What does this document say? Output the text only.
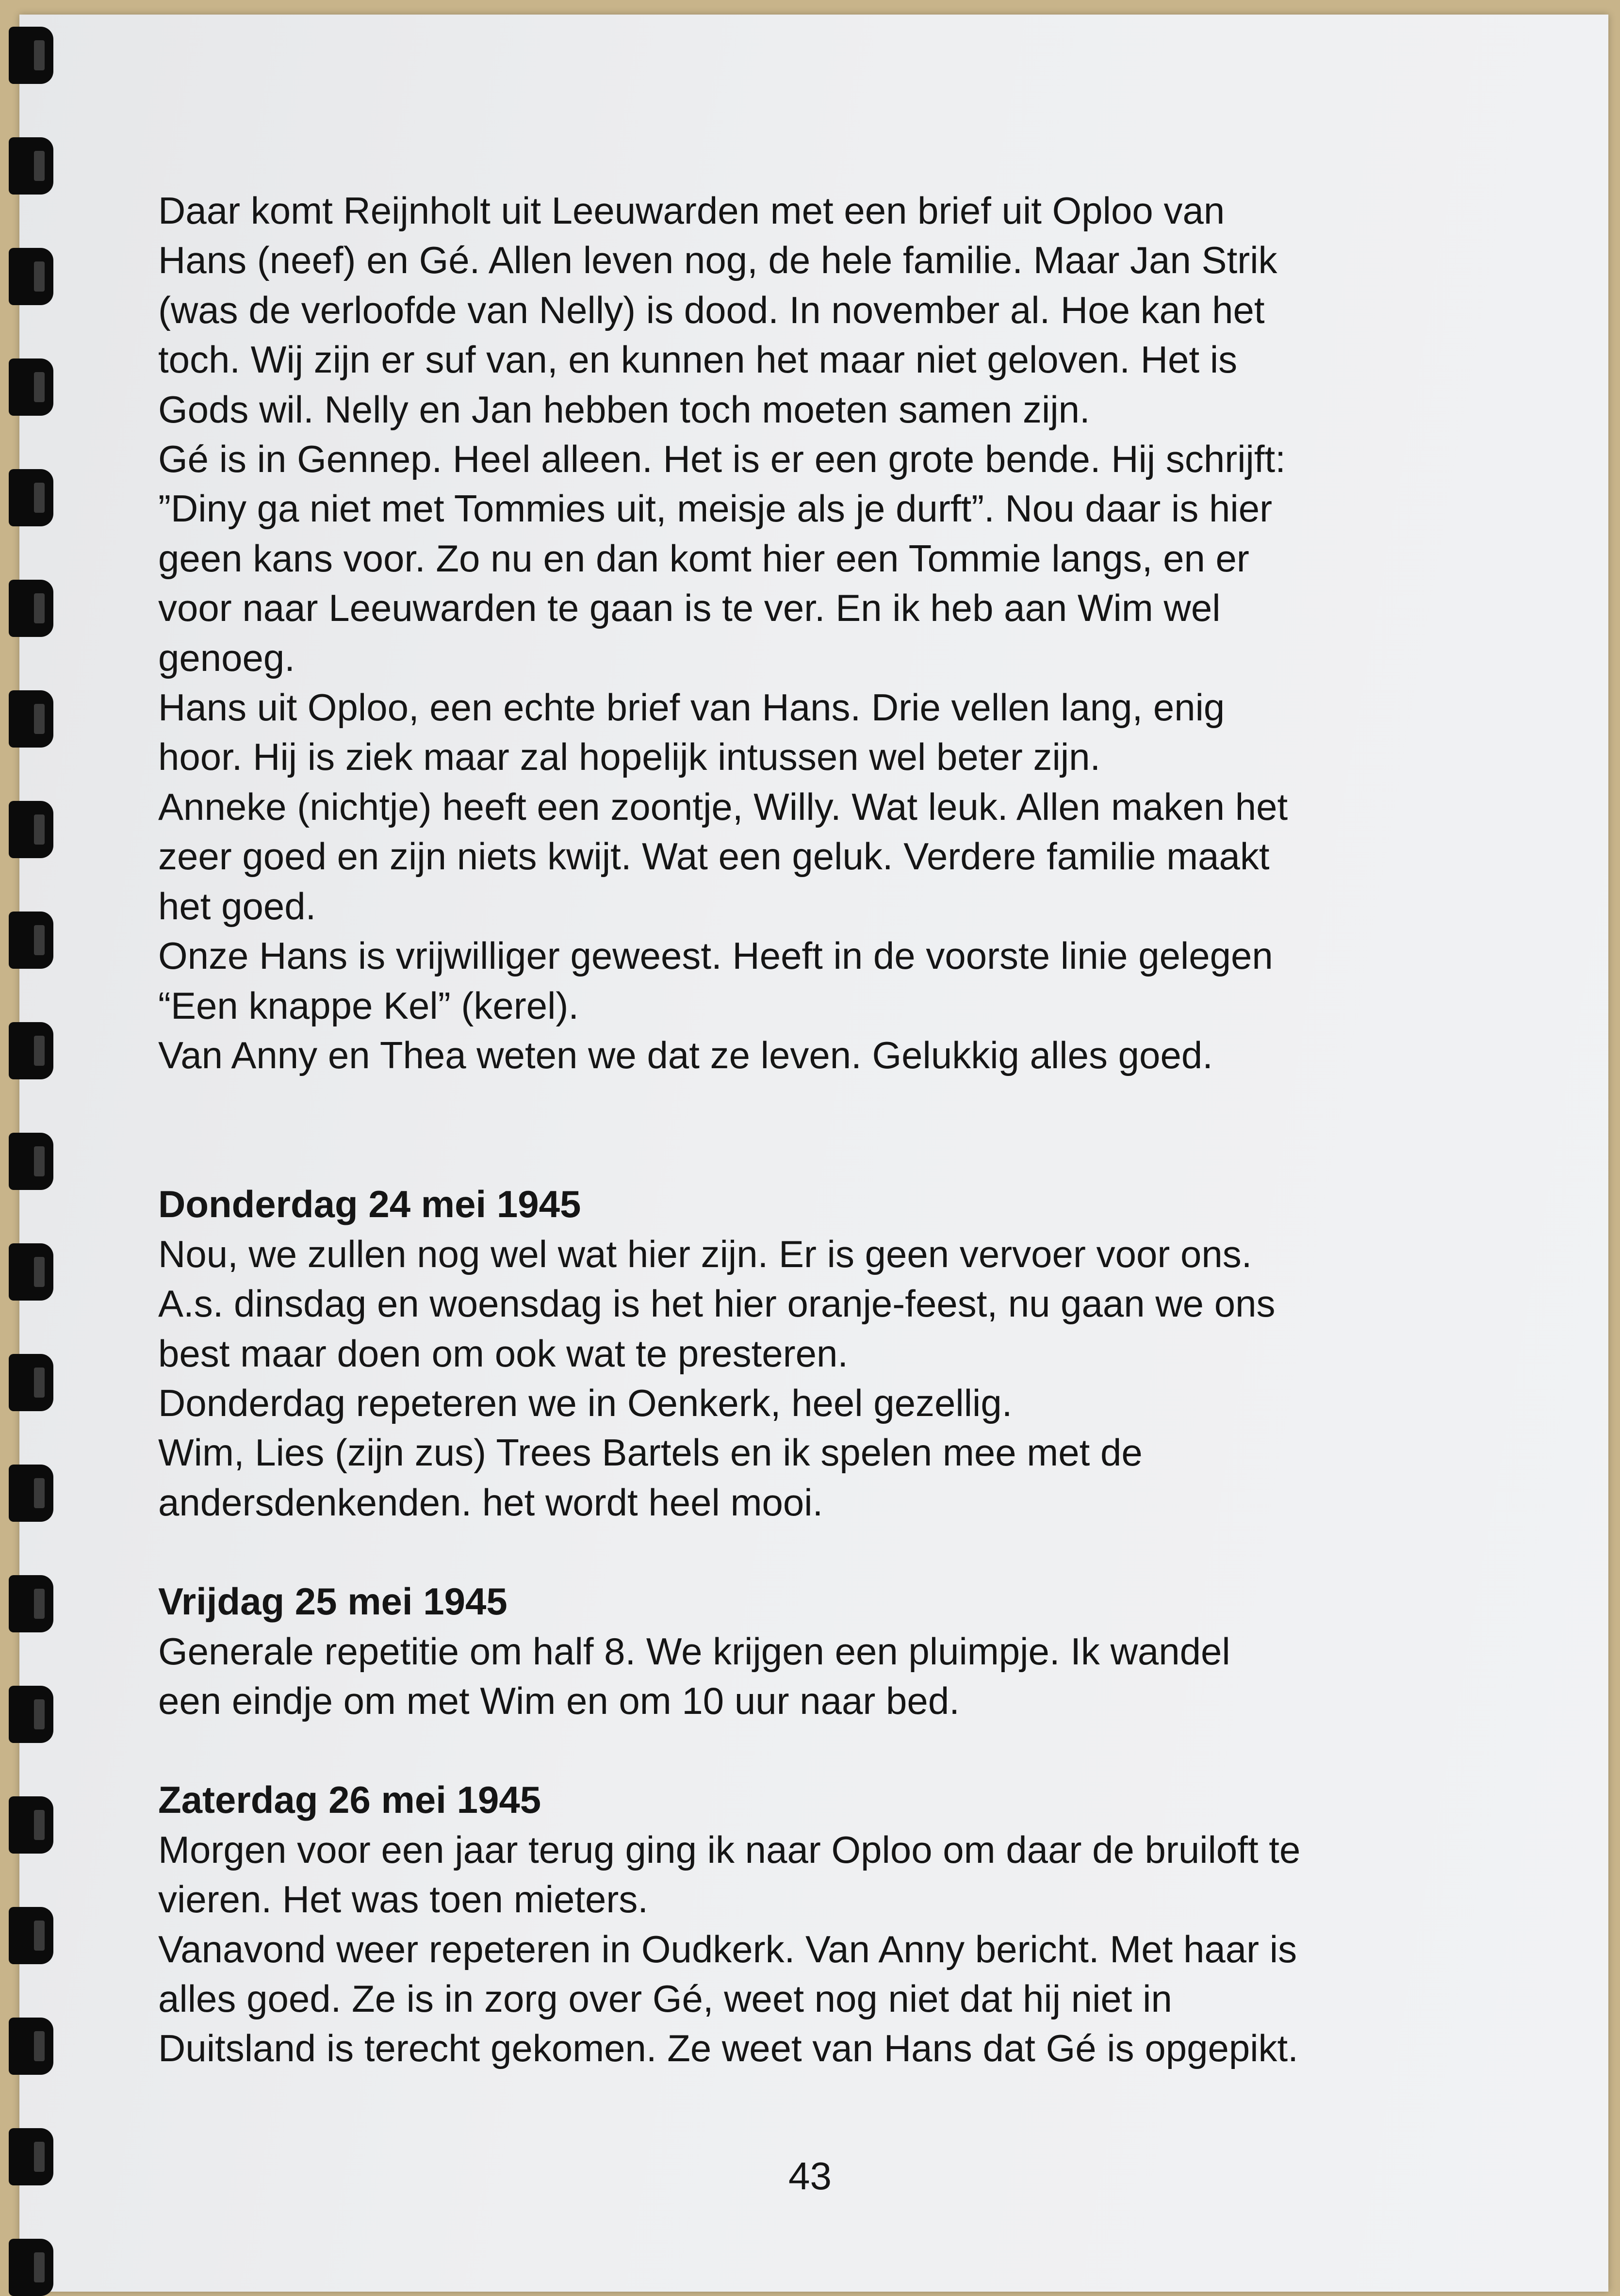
Daar komt Reijnholt uit Leeuwarden met een brief uit Oploo van
Hans (neef) en Gé. Allen leven nog, de hele familie. Maar Jan Strik
(was de verloofde van Nelly) is dood. In november al. Hoe kan het
toch. Wij zijn er suf van, en kunnen het maar niet geloven. Het is
Gods wil. Nelly en Jan hebben toch moeten samen zijn.
Gé is in Gennep. Heel alleen. Het is er een grote bende. Hij schrijft:
”Diny ga niet met Tommies uit, meisje als je durft”. Nou daar is hier
geen kans voor. Zo nu en dan komt hier een Tommie langs, en er
voor naar Leeuwarden te gaan is te ver. En ik heb aan Wim wel
genoeg.
Hans uit Oploo, een echte brief van Hans. Drie vellen lang, enig
hoor. Hij is ziek maar zal hopelijk intussen wel beter zijn.
Anneke (nichtje) heeft een zoontje, Willy. Wat leuk. Allen maken het
zeer goed en zijn niets kwijt. Wat een geluk. Verdere familie maakt
het goed.
Onze Hans is vrijwilliger geweest. Heeft in de voorste linie gelegen
“Een knappe Kel” (kerel).
Van Anny en Thea weten we dat ze leven. Gelukkig alles goed.
Donderdag 24 mei 1945
Nou, we zullen nog wel wat hier zijn. Er is geen vervoer voor ons.
A.s. dinsdag en woensdag is het hier oranje-feest, nu gaan we ons
best maar doen om ook wat te presteren.
Donderdag repeteren we in Oenkerk, heel gezellig.
Wim, Lies (zijn zus) Trees Bartels en ik spelen mee met de
andersdenkenden. het wordt heel mooi.
Vrijdag 25 mei 1945
Generale repetitie om half 8. We krijgen een pluimpje. Ik wandel
een eindje om met Wim en om 10 uur naar bed.
Zaterdag 26 mei 1945
Morgen voor een jaar terug ging ik naar Oploo om daar de bruiloft te
vieren. Het was toen mieters.
Vanavond weer repeteren in Oudkerk. Van Anny bericht. Met haar is
alles goed. Ze is in zorg over Gé, weet nog niet dat hij niet in
Duitsland is terecht gekomen. Ze weet van Hans dat Gé is opgepikt.
43
